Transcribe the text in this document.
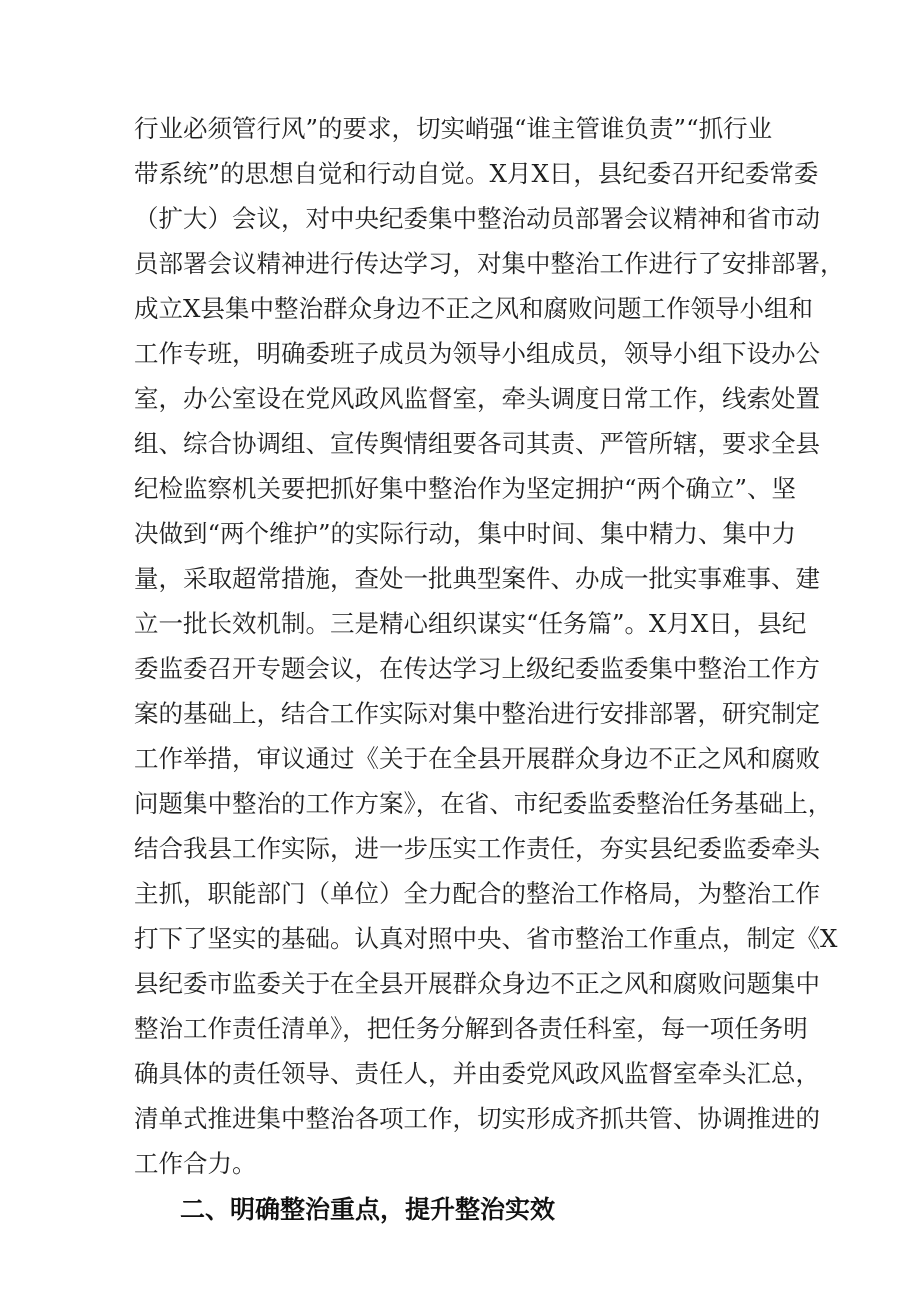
行业必须管行风”的要求，切实峭强“谁主管谁负责”“抓行业
带系统”的思想自觉和行动自觉。X月X日，县纪委召开纪委常委
（扩大）会议，对中央纪委集中整治动员部署会议精神和省市动
员部署会议精神进行传达学习，对集中整治工作进行了安排部署，
成立X县集中整治群众身边不正之风和腐败问题工作领导小组和
工作专班，明确委班子成员为领导小组成员，领导小组下设办公
室，办公室设在党风政风监督室，牵头调度日常工作，线索处置
组、综合协调组、宣传舆情组要各司其责、严管所辖，要求全县
纪检监察机关要把抓好集中整治作为坚定拥护“两个确立”、坚
决做到“两个维护”的实际行动，集中时间、集中精力、集中力
量，采取超常措施，查处一批典型案件、办成一批实事难事、建
立一批长效机制。三是精心组织谋实“任务篇”。X月X日，县纪
委监委召开专题会议，在传达学习上级纪委监委集中整治工作方
案的基础上，结合工作实际对集中整治进行安排部署，研究制定
工作举措，审议通过《关于在全县开展群众身边不正之风和腐败
问题集中整治的工作方案》，在省、市纪委监委整治任务基础上，
结合我县工作实际，进一步压实工作责任，夯实县纪委监委牵头
主抓，职能部门（单位）全力配合的整治工作格局，为整治工作
打下了坚实的基础。认真对照中央、省市整治工作重点，制定《X
县纪委市监委关于在全县开展群众身边不正之风和腐败问题集中
整治工作责任清单》，把任务分解到各责任科室，每一项任务明
确具体的责任领导、责任人，并由委党风政风监督室牵头汇总，
清单式推进集中整治各项工作，切实形成齐抓共管、协调推进的
工作合力。
二、明确整治重点，提升整治实效
